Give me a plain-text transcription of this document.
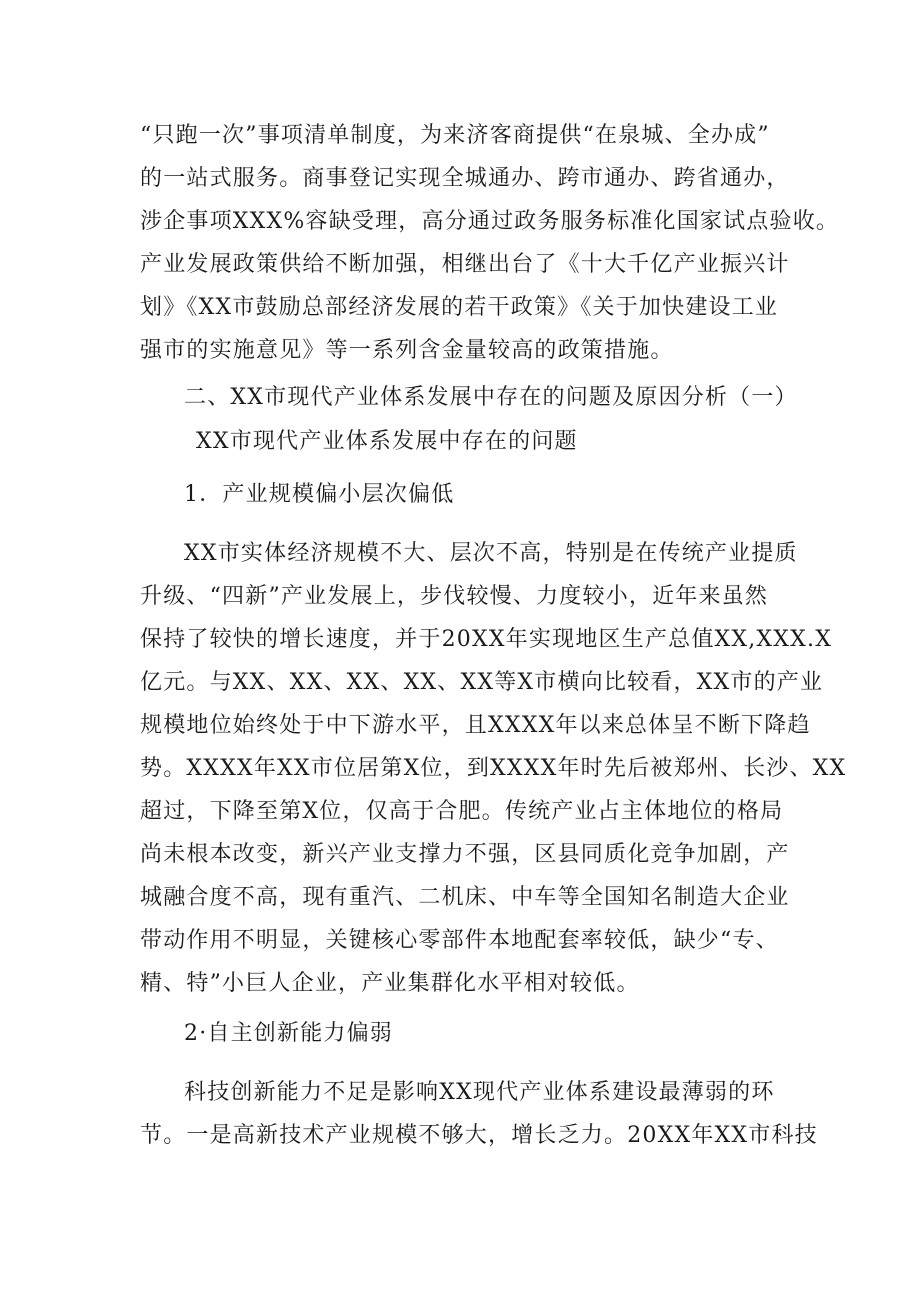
“只跑一次”事项清单制度，为来济客商提供“在泉城、全办成”
的一站式服务。商事登记实现全城通办、跨市通办、跨省通办，
涉企事项XXX%容缺受理，高分通过政务服务标准化国家试点验收。
产业发展政策供给不断加强，相继出台了《十大千亿产业振兴计
划》《XX市鼓励总部经济发展的若干政策》《关于加快建设工业
强市的实施意见》等一系列含金量较高的政策措施。
二、XX市现代产业体系发展中存在的问题及原因分析（一）
XX市现代产业体系发展中存在的问题
1．产业规模偏小层次偏低
XX市实体经济规模不大、层次不高，特别是在传统产业提质
升级、“四新”产业发展上，步伐较慢、力度较小，近年来虽然
保持了较快的增长速度，并于20XX年实现地区生产总值XX,XXX.X
亿元。与XX、XX、XX、XX、XX等X市横向比较看，XX市的产业
规模地位始终处于中下游水平，且XXXX年以来总体呈不断下降趋
势。XXXX年XX市位居第X位，到XXXX年时先后被郑州、长沙、XX
超过，下降至第X位，仅高于合肥。传统产业占主体地位的格局
尚未根本改变，新兴产业支撑力不强，区县同质化竞争加剧，产
城融合度不高，现有重汽、二机床、中车等全国知名制造大企业
带动作用不明显，关键核心零部件本地配套率较低，缺少“专、
精、特”小巨人企业，产业集群化水平相对较低。
2·自主创新能力偏弱
科技创新能力不足是影响XX现代产业体系建设最薄弱的环
节。一是高新技术产业规模不够大，增长乏力。20XX年XX市科技
